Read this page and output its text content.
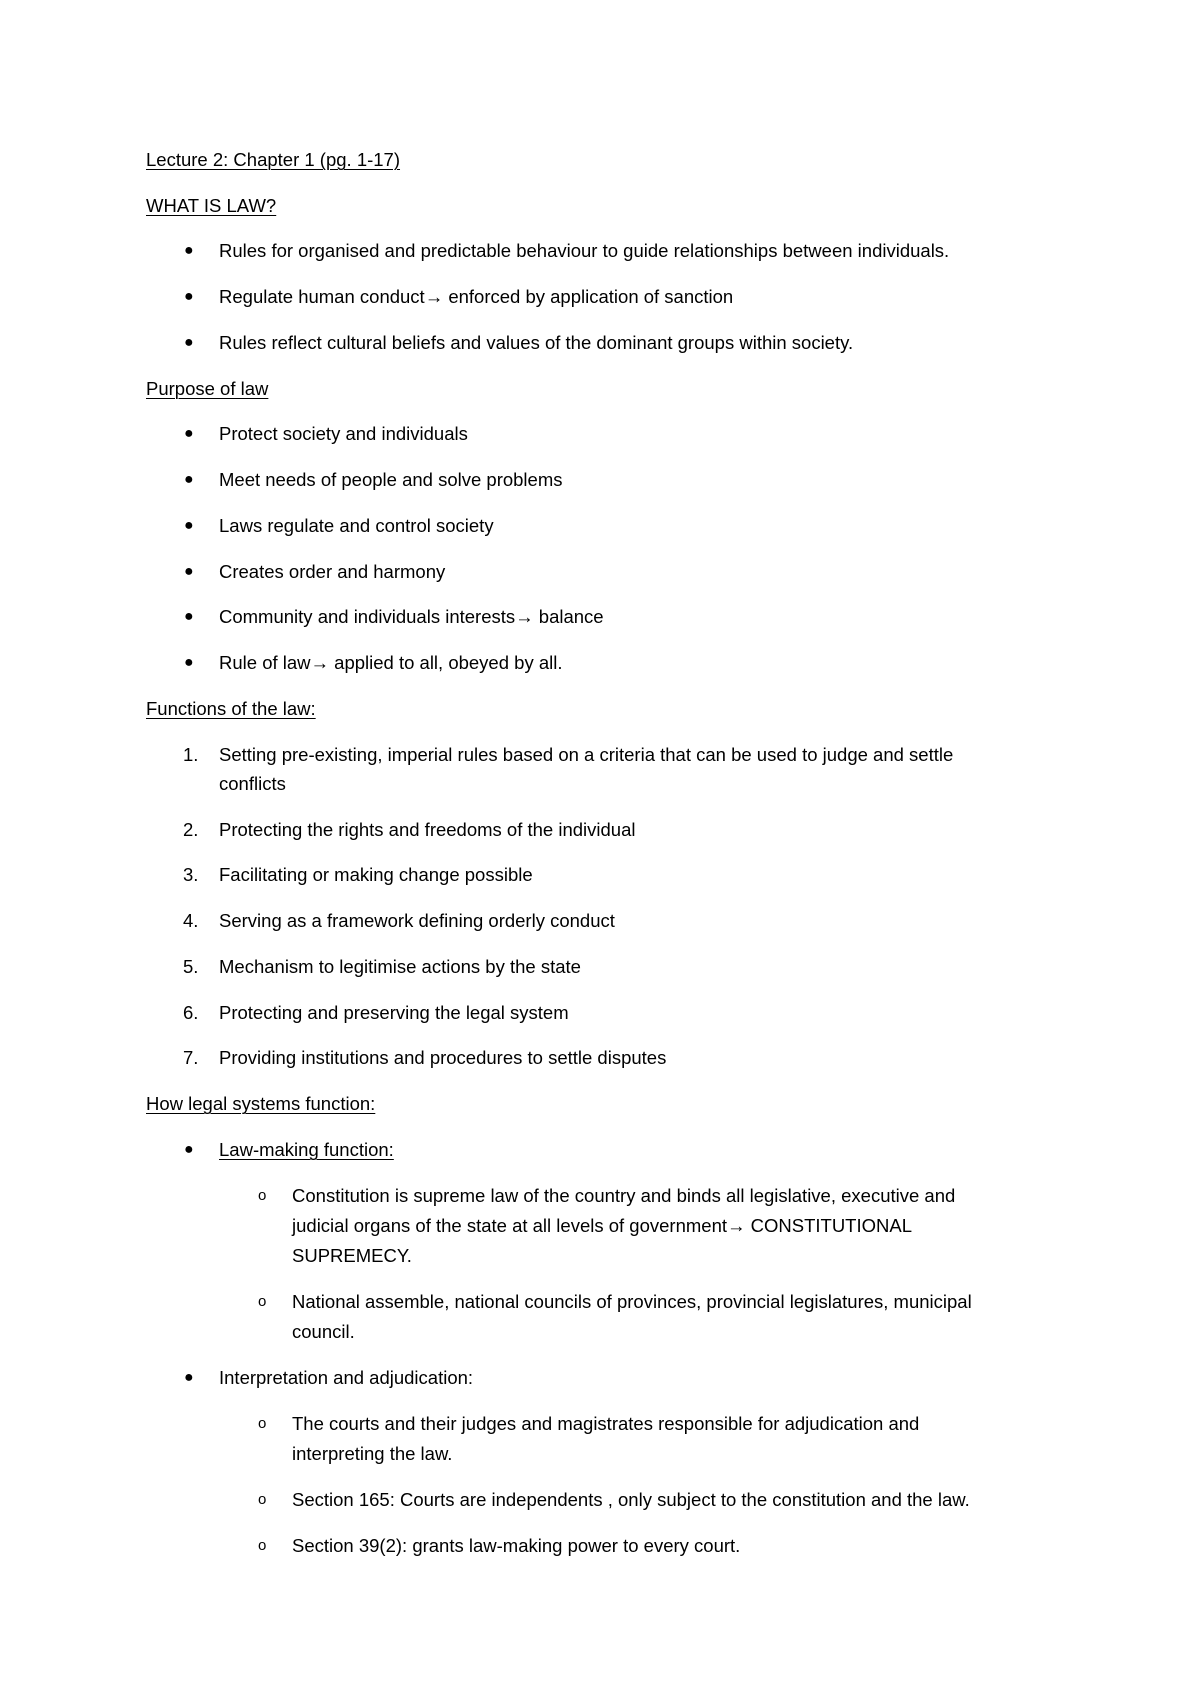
Lecture 2: Chapter 1 (pg. 1-17)
WHAT IS LAW?
● Rules for organised and predictable behaviour to guide relationships between individuals.
● Regulate human conduct→ enforced by application of sanction
● Rules reflect cultural beliefs and values of the dominant groups within society.
Purpose of law
● Protect society and individuals
● Meet needs of people and solve problems
● Laws regulate and control society
● Creates order and harmony
● Community and individuals interests→ balance
● Rule of law→ applied to all, obeyed by all.
Functions of the law:
1. Setting pre-existing, imperial rules based on a criteria that can be used to judge and settle
conflicts
2. Protecting the rights and freedoms of the individual
3. Facilitating or making change possible
4. Serving as a framework defining orderly conduct
5. Mechanism to legitimise actions by the state
6. Protecting and preserving the legal system
7. Providing institutions and procedures to settle disputes
How legal systems function:
● Law-making function:
o Constitution is supreme law of the country and binds all legislative, executive and
judicial organs of the state at all levels of government→ CONSTITUTIONAL
SUPREMECY.
o National assemble, national councils of provinces, provincial legislatures, municipal
council.
● Interpretation and adjudication:
o The courts and their judges and magistrates responsible for adjudication and
interpreting the law.
o Section 165: Courts are independents , only subject to the constitution and the law.
o Section 39(2): grants law-making power to every court.
